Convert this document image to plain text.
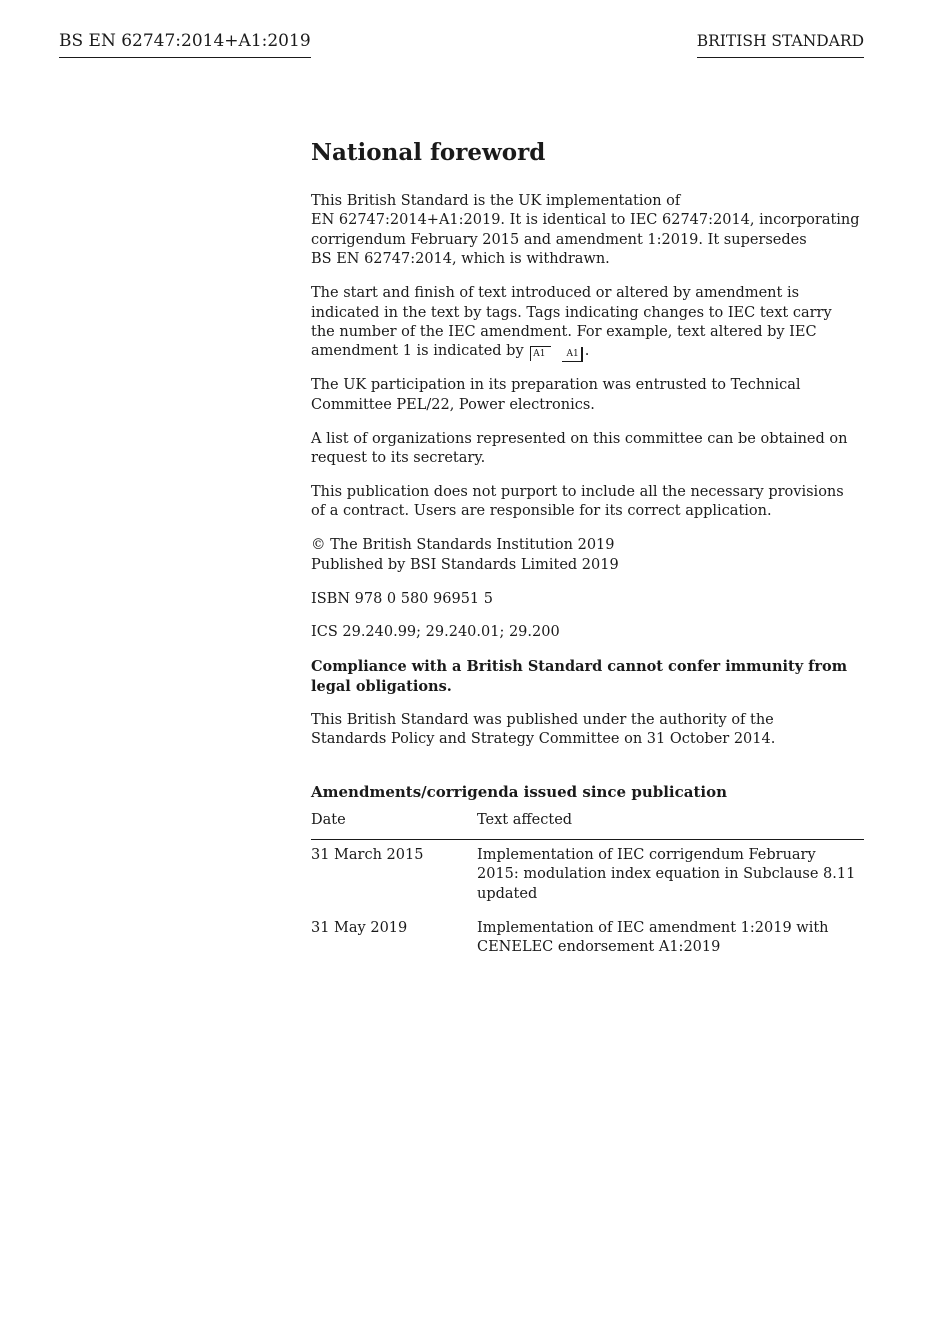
BS EN 62747:2014+A1:2019	BRITISH STANDARD
National foreword

This British Standard is the UK implementation of
EN 62747:2014+A1:2019. It is identical to IEC 62747:2014, incorporating
corrigendum February 2015 and amendment 1:2019. It supersedes
BS EN 62747:2014, which is withdrawn.

The start and finish of text introduced or altered by amendment is
indicated in the text by tags. Tags indicating changes to IEC text carry
the number of the IEC amendment. For example, text altered by IEC
amendment 1 is indicated by A1 A1 .

The UK participation in its preparation was entrusted to Technical
Committee PEL/22, Power electronics.

A list of organizations represented on this committee can be obtained on
request to its secretary.

This publication does not purport to include all the necessary provisions
of a contract. Users are responsible for its correct application.

© The British Standards Institution 2019
Published by BSI Standards Limited 2019

ISBN 978 0 580 96951 5

ICS 29.240.99; 29.240.01; 29.200

Compliance with a British Standard cannot confer immunity from
legal obligations.

This British Standard was published under the authority of the
Standards Policy and Strategy Committee on 31 October 2014.

Amendments/corrigenda issued since publication
Date	Text affected
31 March 2015	Implementation of IEC corrigendum February
2015: modulation index equation in Subclause 8.11
updated

31 May 2019	Implementation of IEC amendment 1:2019 with
CENELEC endorsement A1:2019
